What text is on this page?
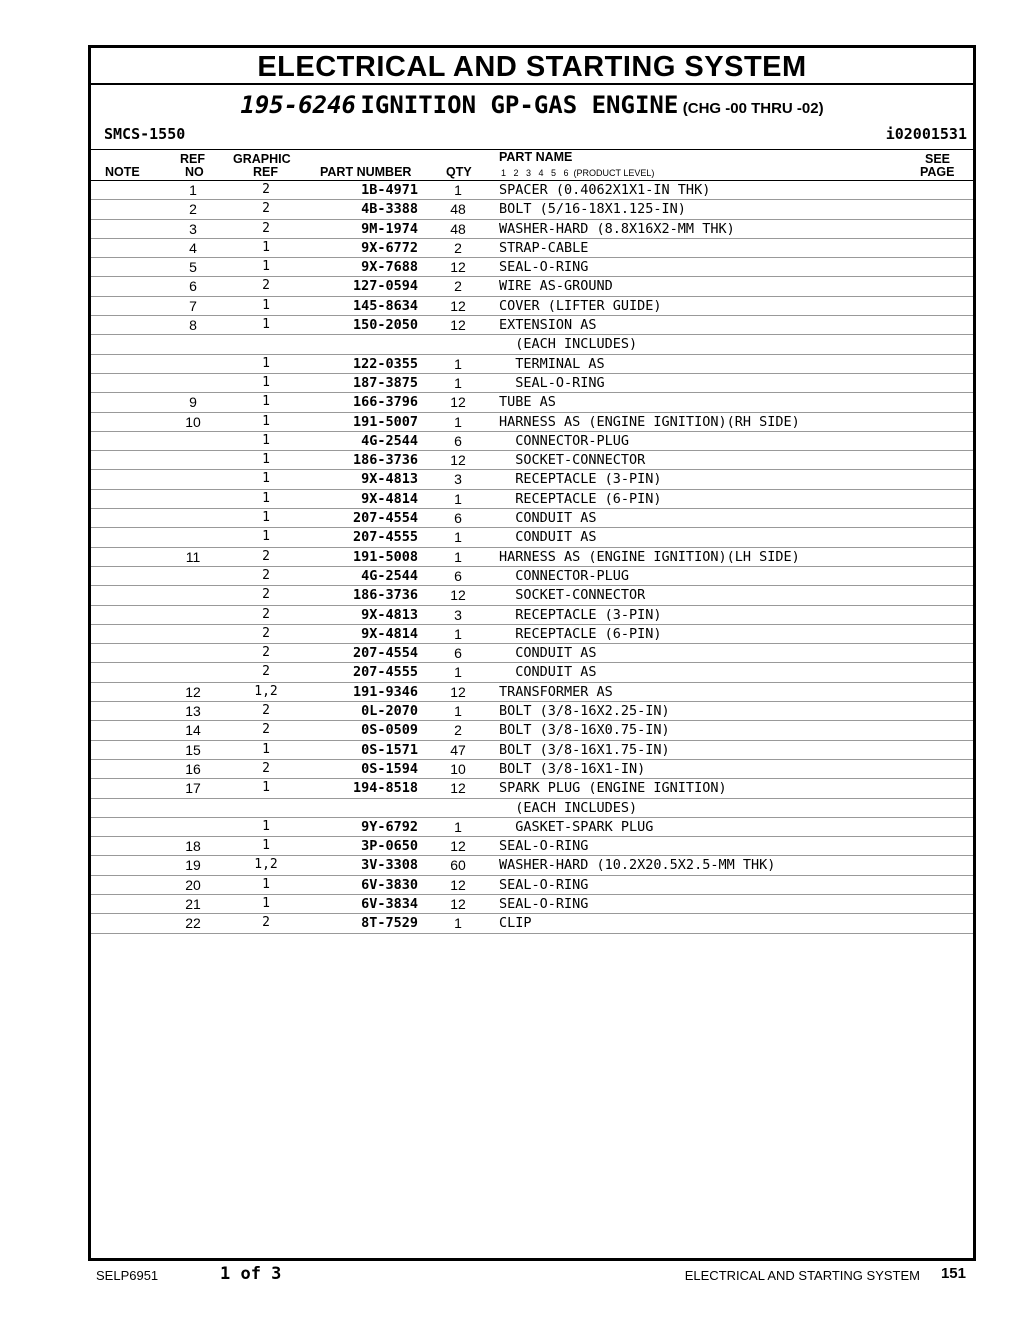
ELECTRICAL AND STARTING SYSTEM
195-6246 IGNITION GP-GAS ENGINE (CHG -00 THRU -02)
SMCS-1550	i02001531
NOTE
REF
NO
GRAPHIC
REF	PART NUMBER	QTY
PART NAME
1   2   3   4   5   6  (PRODUCT LEVEL)
SEE
PAGE
1	2	1B-4971	1	SPACER (0.4062X1X1-IN THK)
2	2	4B-3388	48	BOLT (5/16-18X1.125-IN)
3	2	9M-1974	48	WASHER-HARD (8.8X16X2-MM THK)
4	1	9X-6772	2	STRAP-CABLE
5	1	9X-7688	12	SEAL-O-RING
6	2	127-0594	2	WIRE AS-GROUND
7	1	145-8634	12	COVER (LIFTER GUIDE)
8	1	150-2050	12	EXTENSION AS
(EACH INCLUDES)
1	122-0355	1	TERMINAL AS
1	187-3875	1	SEAL-O-RING
9	1	166-3796	12	TUBE AS
10	1	191-5007	1	HARNESS AS (ENGINE IGNITION)(RH SIDE)
1	4G-2544	6	CONNECTOR-PLUG
1	186-3736	12	SOCKET-CONNECTOR
1	9X-4813	3	RECEPTACLE (3-PIN)
1	9X-4814	1	RECEPTACLE (6-PIN)
1	207-4554	6	CONDUIT AS
1	207-4555	1	CONDUIT AS
11	2	191-5008	1	HARNESS AS (ENGINE IGNITION)(LH SIDE)
2	4G-2544	6	CONNECTOR-PLUG
2	186-3736	12	SOCKET-CONNECTOR
2	9X-4813	3	RECEPTACLE (3-PIN)
2	9X-4814	1	RECEPTACLE (6-PIN)
2	207-4554	6	CONDUIT AS
2	207-4555	1	CONDUIT AS
12	1,2	191-9346	12	TRANSFORMER AS
13	2	0L-2070	1	BOLT (3/8-16X2.25-IN)
14	2	0S-0509	2	BOLT (3/8-16X0.75-IN)
15	1	0S-1571	47	BOLT (3/8-16X1.75-IN)
16	2	0S-1594	10	BOLT (3/8-16X1-IN)
17	1	194-8518	12	SPARK PLUG (ENGINE IGNITION)
(EACH INCLUDES)
1	9Y-6792	1	GASKET-SPARK PLUG
18	1	3P-0650	12	SEAL-O-RING
19	1,2	3V-3308	60	WASHER-HARD (10.2X20.5X2.5-MM THK)
20	1	6V-3830	12	SEAL-O-RING
21	1	6V-3834	12	SEAL-O-RING
22	2	8T-7529	1	CLIP
SELP6951	1 of 3	ELECTRICAL AND STARTING SYSTEM 151
